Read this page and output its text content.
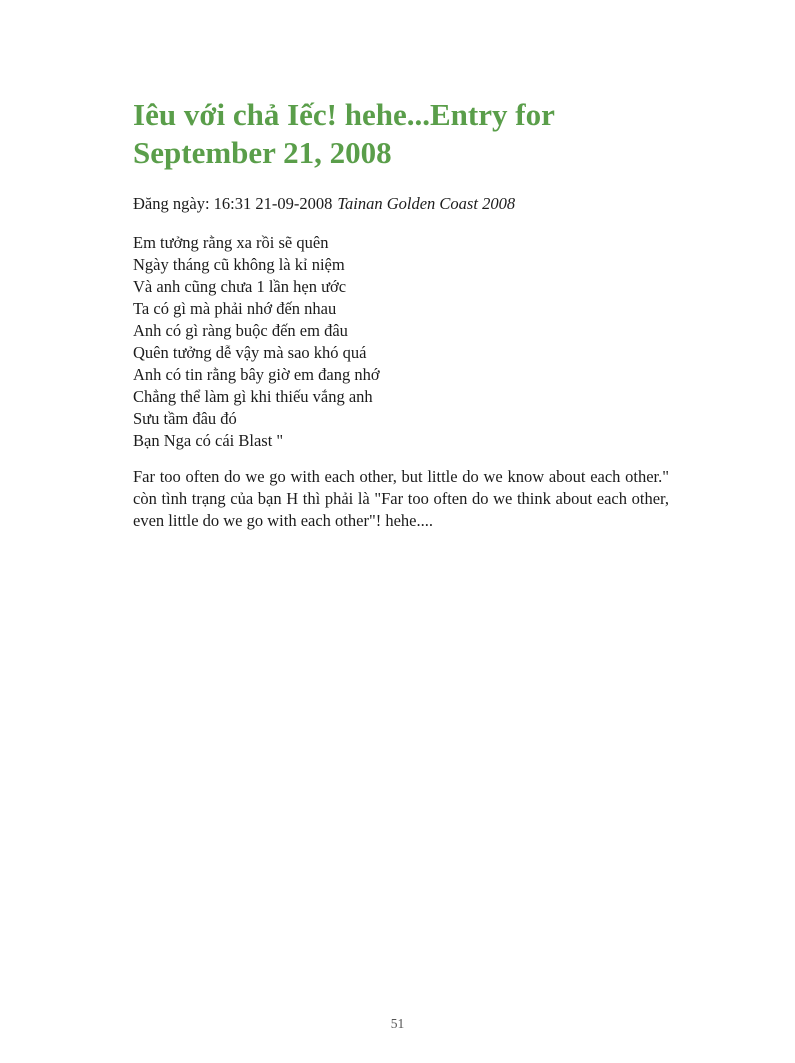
Iêu với chả Iếc! hehe...Entry for September 21, 2008
Đăng ngày: 16:31 21-09-2008 Tainan Golden Coast 2008
Em tưởng rằng xa rồi sẽ quên
Ngày tháng cũ không là kỉ niệm
Và anh cũng chưa 1 lần hẹn ước
Ta có gì mà phải nhớ đến nhau
Anh có gì ràng buộc đến em đâu
Quên tưởng dễ vậy mà sao khó quá
Anh có tin rằng bây giờ em đang nhớ
Chẳng thể làm gì khi thiếu vắng anh
Sưu tầm đâu đó
Bạn Nga có cái Blast "

Far too often do we go with each other, but little do we know about each other." còn tình trạng của bạn H thì phải là "Far too often do we think about each other, even little do we go with each other"! hehe....

51
